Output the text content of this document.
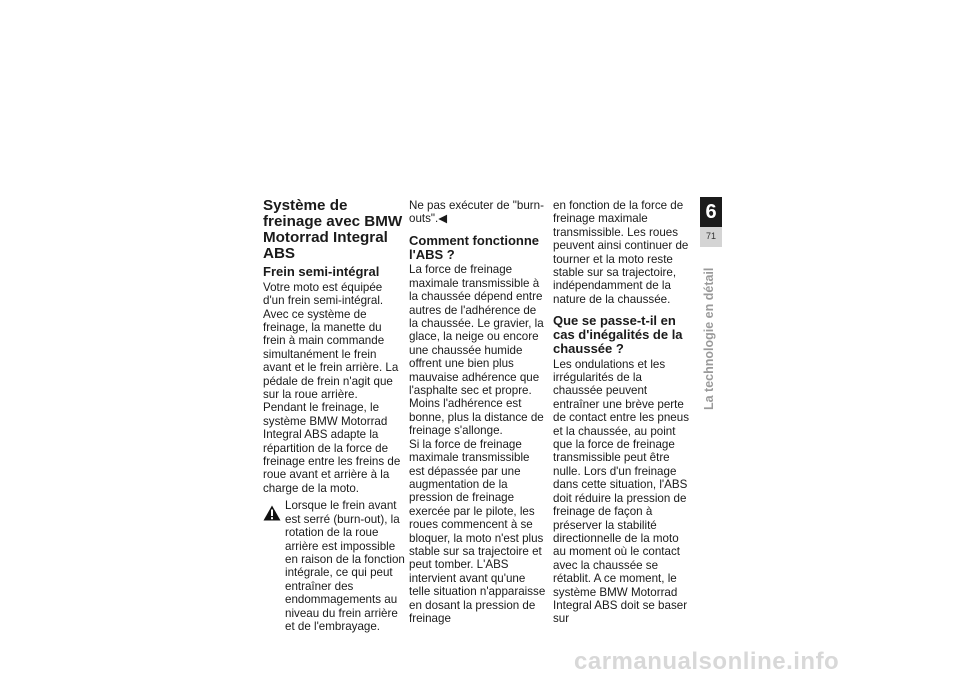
Système de freinage avec BMW Motorrad Integral ABS
Frein semi-intégral

Votre moto est équipée d'un frein semi-intégral. Avec ce système de freinage, la manette du frein à main commande simultanément le frein avant et le frein arrière. La pédale de frein n'agit que sur la roue arrière.

Pendant le freinage, le système BMW Motorrad Integral ABS adapte la répartition de la force de freinage entre les freins de roue avant et arrière à la charge de la moto.

Lorsque le frein avant est serré (burn-out), la rotation de la roue arrière est impossible en raison de la fonction intégrale, ce qui peut entraîner des endommagements au niveau du frein arrière et de l'embrayage.

Ne pas exécuter de "burn-outs".◀

Comment fonctionne l'ABS ?

La force de freinage maximale transmissible à la chaussée dépend entre autres de l'adhérence de la chaussée. Le gravier, la glace, la neige ou encore une chaussée humide offrent une bien plus mauvaise adhérence que l'asphalte sec et propre. Moins l'adhérence est bonne, plus la distance de freinage s'allonge.

Si la force de freinage maximale transmissible est dépassée par une augmentation de la pression de freinage exercée par le pilote, les roues commencent à se bloquer, la moto n'est plus stable sur sa trajectoire et peut tomber. L'ABS intervient avant qu'une telle situation n'apparaisse en dosant la pression de freinage

en fonction de la force de freinage maximale transmissible. Les roues peuvent ainsi continuer de tourner et la moto reste stable sur sa trajectoire, indépendamment de la nature de la chaussée.

Que se passe-t-il en cas d'inégalités de la chaussée ?

Les ondulations et les irrégularités de la chaussée peuvent entraîner une brève perte de contact entre les pneus et la chaussée, au point que la force de freinage transmissible peut être nulle. Lors d'un freinage dans cette situation, l'ABS doit réduire la pression de freinage de façon à préserver la stabilité directionnelle de la moto au moment où le contact avec la chaussée se rétablit. A ce moment, le système BMW Motorrad Integral ABS doit se baser sur

6
71
La technologie en détail
carmanualsonline.info
